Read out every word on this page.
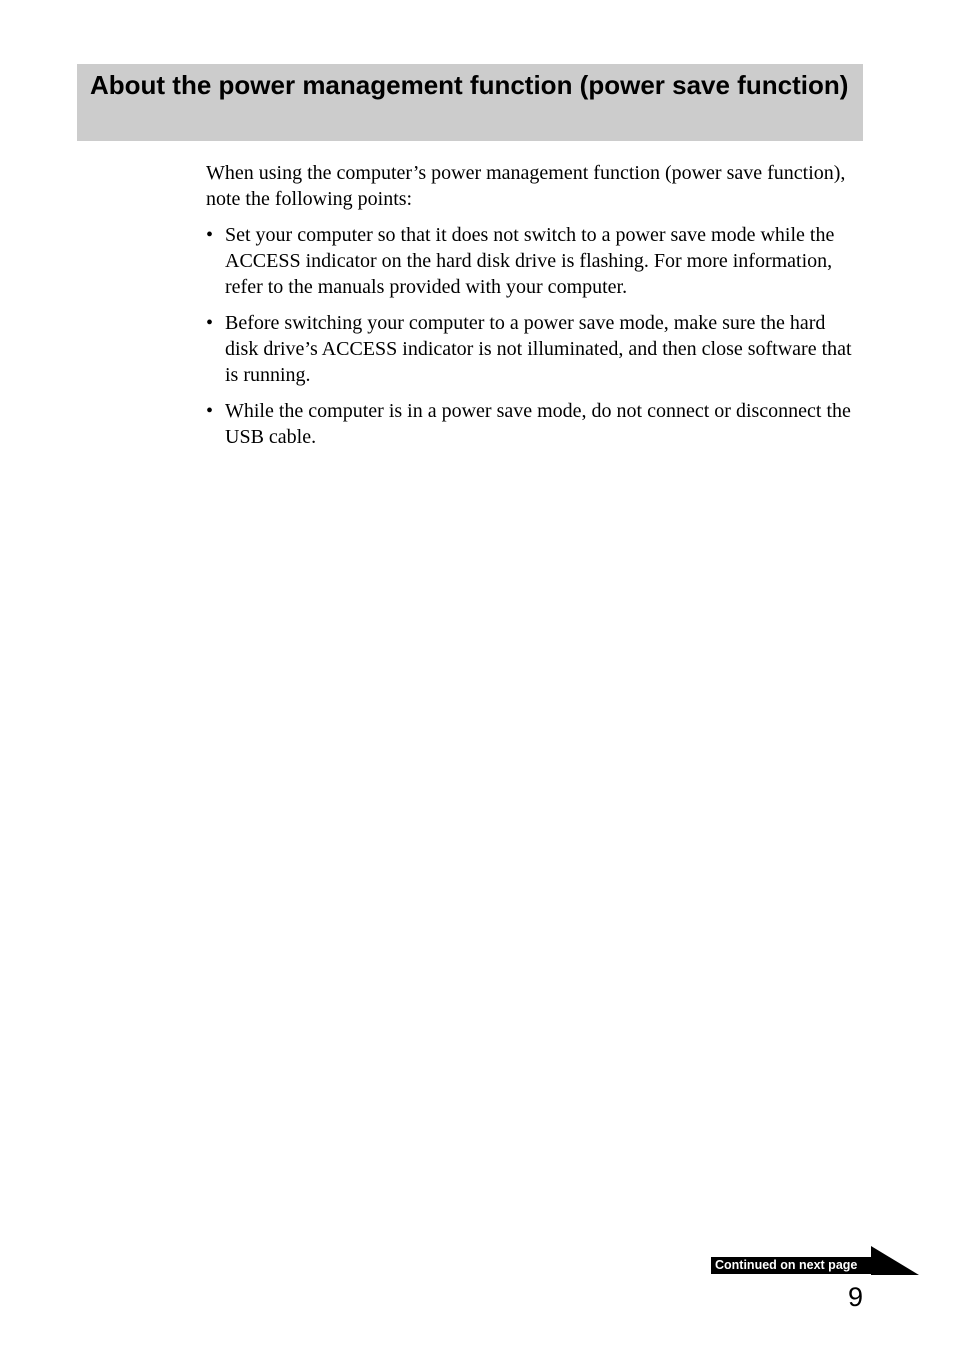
About the power management function (power save function)

When using the computer’s power management function (power save function), note the following points:

• Set your computer so that it does not switch to a power save mode while the ACCESS indicator on the hard disk drive is flashing. For more information, refer to the manuals provided with your computer.
• Before switching your computer to a power save mode, make sure the hard disk drive’s ACCESS indicator is not illuminated, and then close software that is running.
• While the computer is in a power save mode, do not connect or disconnect the USB cable.
Continued on next page
9
